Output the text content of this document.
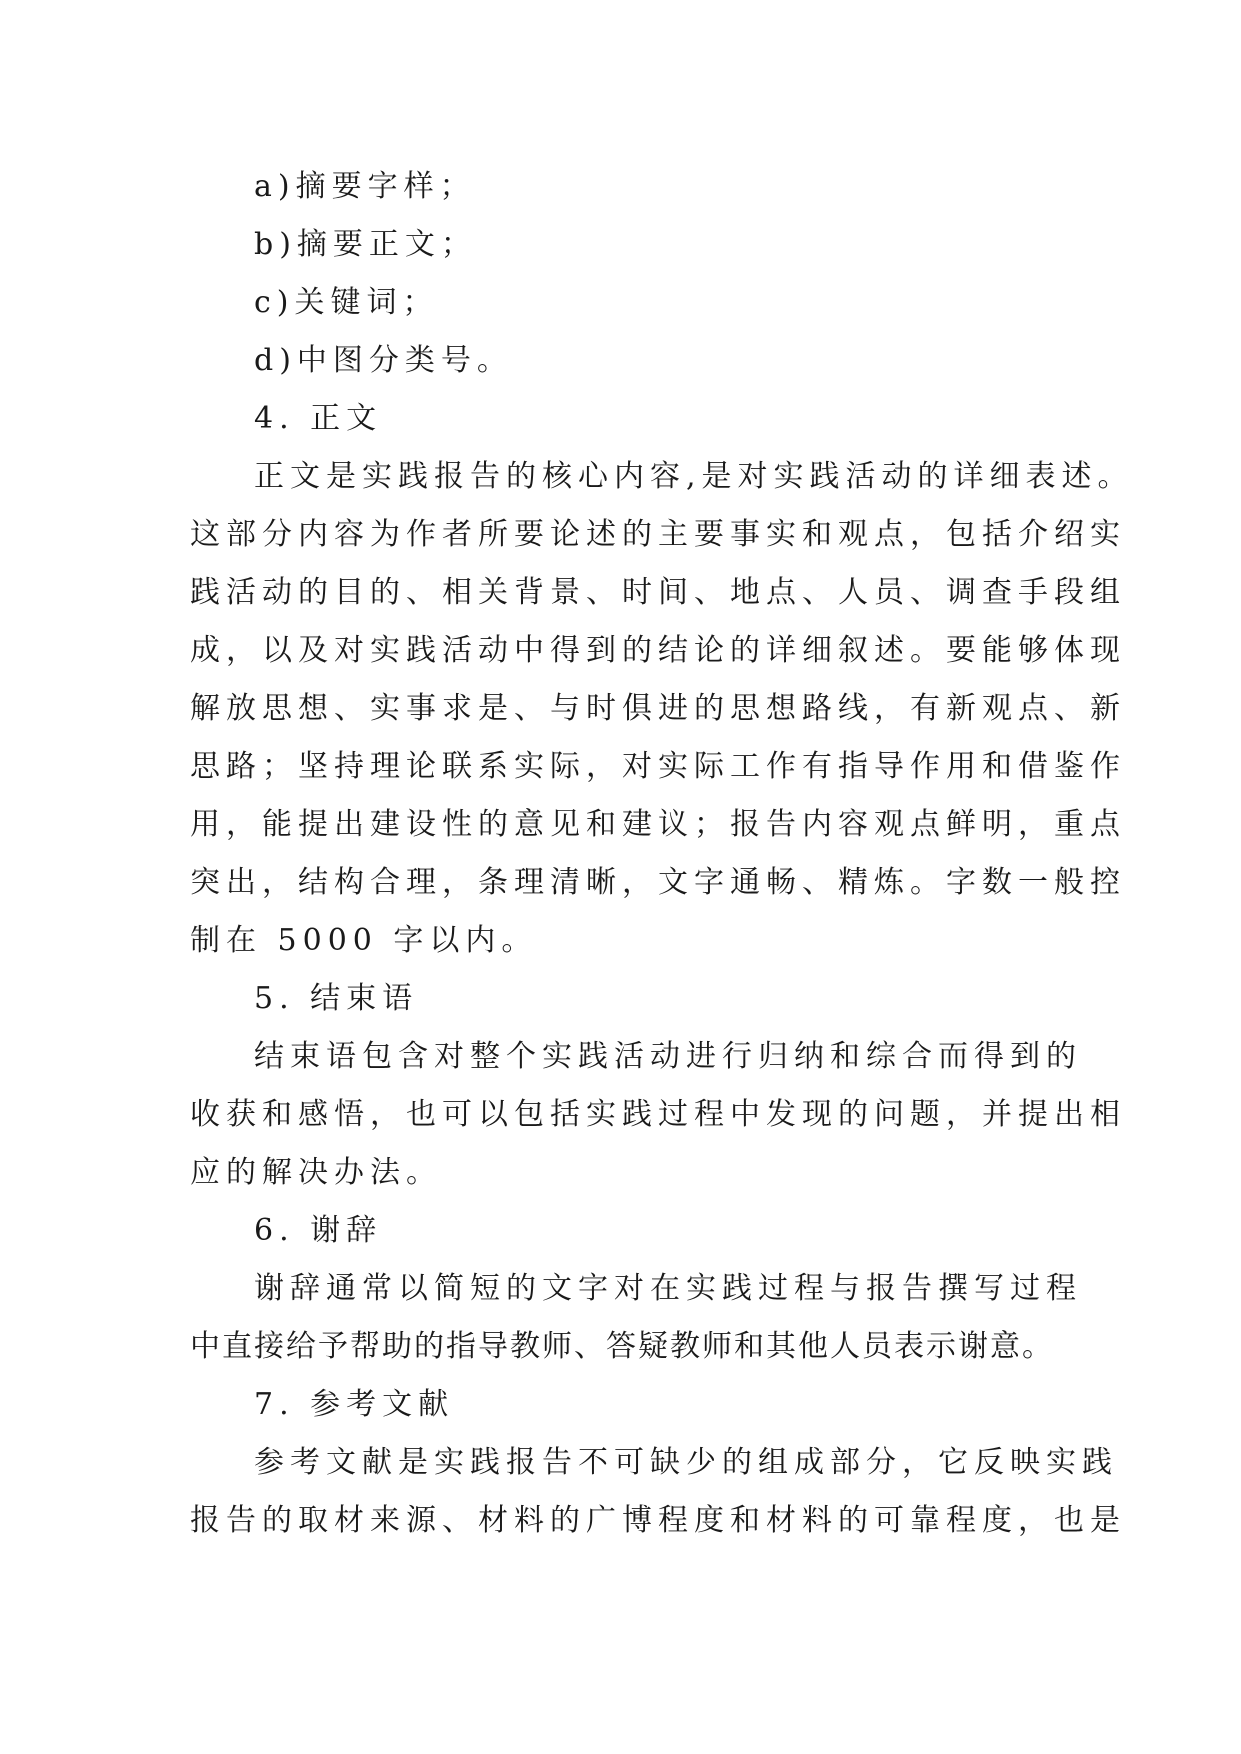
a)摘要字样；
b)摘要正文；
c)关键词；
d)中图分类号。
4. 正文
正文是实践报告的核心内容,是对实践活动的详细表述。
这部分内容为作者所要论述的主要事实和观点，包括介绍实
践活动的目的、相关背景、时间、地点、人员、调查手段组
成，以及对实践活动中得到的结论的详细叙述。要能够体现
解放思想、实事求是、与时俱进的思想路线，有新观点、新
思路；坚持理论联系实际，对实际工作有指导作用和借鉴作
用，能提出建设性的意见和建议；报告内容观点鲜明，重点
突出，结构合理，条理清晰，文字通畅、精炼。字数一般控
制在 5000 字以内。
5. 结束语
结束语包含对整个实践活动进行归纳和综合而得到的
收获和感悟，也可以包括实践过程中发现的问题，并提出相
应的解决办法。
6. 谢辞
谢辞通常以简短的文字对在实践过程与报告撰写过程
中直接给予帮助的指导教师、答疑教师和其他人员表示谢意。
7. 参考文献
参考文献是实践报告不可缺少的组成部分，它反映实践
报告的取材来源、材料的广博程度和材料的可靠程度，也是
